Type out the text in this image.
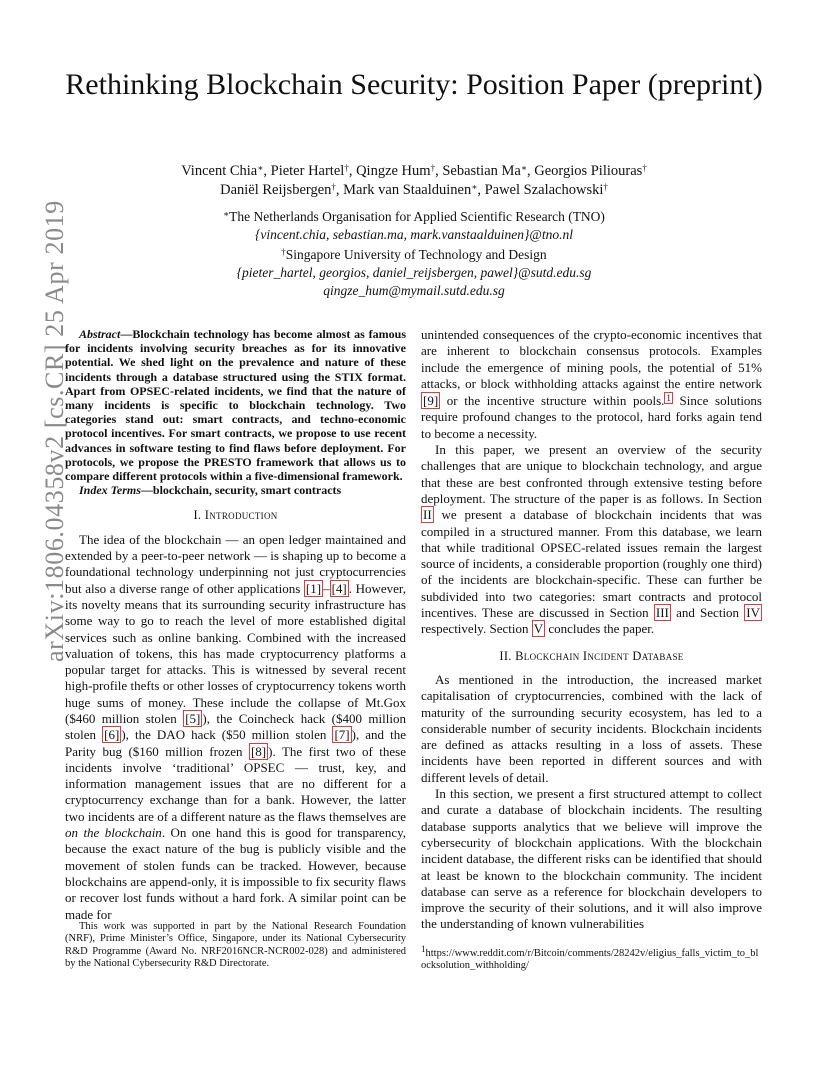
arXiv:1806.04358v2 [cs.CR] 25 Apr 2019
Rethinking Blockchain Security: Position Paper (preprint)
Vincent Chia∗, Pieter Hartel†, Qingze Hum†, Sebastian Ma∗, Georgios Piliouras†
Daniël Reijsbergen†, Mark van Staalduinen∗, Pawel Szalachowski†
∗The Netherlands Organisation for Applied Scientific Research (TNO)
{vincent.chia, sebastian.ma, mark.vanstaalduinen}@tno.nl
†Singapore University of Technology and Design
{pieter_hartel, georgios, daniel_reijsbergen, pawel}@sutd.edu.sg
qingze_hum@mymail.sutd.edu.sg

Abstract—Blockchain technology has become almost as famous for incidents involving security breaches as for its innovative potential. We shed light on the prevalence and nature of these incidents through a database structured using the STIX format. Apart from OPSEC-related incidents, we find that the nature of many incidents is specific to blockchain technology. Two categories stand out: smart contracts, and techno-economic protocol incentives. For smart contracts, we propose to use recent advances in software testing to find flaws before deployment. For protocols, we propose the PRESTO framework that allows us to compare different protocols within a five-dimensional framework.

Index Terms—blockchain, security, smart contracts

I. Introduction

The idea of the blockchain — an open ledger maintained and extended by a peer-to-peer network — is shaping up to become a foundational technology underpinning not just cryptocurrencies but also a diverse range of other applications [1] – [4] . However, its novelty means that its surrounding security infrastructure has some way to go to reach the level of more established digital services such as online banking. Combined with the increased valuation of tokens, this has made cryptocurrency platforms a popular target for attacks. This is witnessed by several recent high-profile thefts or other losses of cryptocurrency tokens worth huge sums of money. These include the collapse of Mt.Gox ($460 million stolen [5] ), the Coincheck hack ($400 million stolen [6] ), the DAO hack ($50 million stolen [7] ), and the Parity bug ($160 million frozen [8] ). The first two of these incidents involve ‘traditional’ OPSEC — trust, key, and information management issues that are no different for a cryptocurrency exchange than for a bank. However, the latter two incidents are of a different nature as the flaws themselves are on the blockchain. On one hand this is good for transparency, because the exact nature of the bug is publicly visible and the movement of stolen funds can be tracked. However, because blockchains are append-only, it is impossible to fix security flaws or recover lost funds without a hard fork. A similar point can be made for

This work was supported in part by the National Research Foundation (NRF), Prime Minister’s Office, Singapore, under its National Cybersecurity R&D Programme (Award No. NRF2016NCR-NCR002-028) and administered by the National Cybersecurity R&D Directorate.

unintended consequences of the crypto-economic incentives that are inherent to blockchain consensus protocols. Examples include the emergence of mining pools, the potential of 51% attacks, or block withholding attacks against the entire network [9] or the incentive structure within pools. $^1$ Since solutions require profound changes to the protocol, hard forks again tend to become a necessity.

In this paper, we present an overview of the security challenges that are unique to blockchain technology, and argue that these are best confronted through extensive testing before deployment. The structure of the paper is as follows. In Section II we present a database of blockchain incidents that was compiled in a structured manner. From this database, we learn that while traditional OPSEC-related issues remain the largest source of incidents, a considerable proportion (roughly one third) of the incidents are blockchain-specific. These can further be subdivided into two categories: smart contracts and protocol incentives. These are discussed in Section III and Section IV respectively. Section V concludes the paper.

II. Blockchain Incident Database

As mentioned in the introduction, the increased market capitalisation of cryptocurrencies, combined with the lack of maturity of the surrounding security ecosystem, has led to a considerable number of security incidents. Blockchain incidents are defined as attacks resulting in a loss of assets. These incidents have been reported in different sources and with different levels of detail.

In this section, we present a first structured attempt to collect and curate a database of blockchain incidents. The resulting database supports analytics that we believe will improve the cybersecurity of blockchain applications. With the blockchain incident database, the different risks can be identified that should at least be known to the blockchain community. The incident database can serve as a reference for blockchain developers to improve the security of their solutions, and it will also improve the understanding of known vulnerabilities

$^1$https://www.reddit.com/r/Bitcoin/comments/28242v/eligius_falls_victim_to_blocksolution_withholding/
